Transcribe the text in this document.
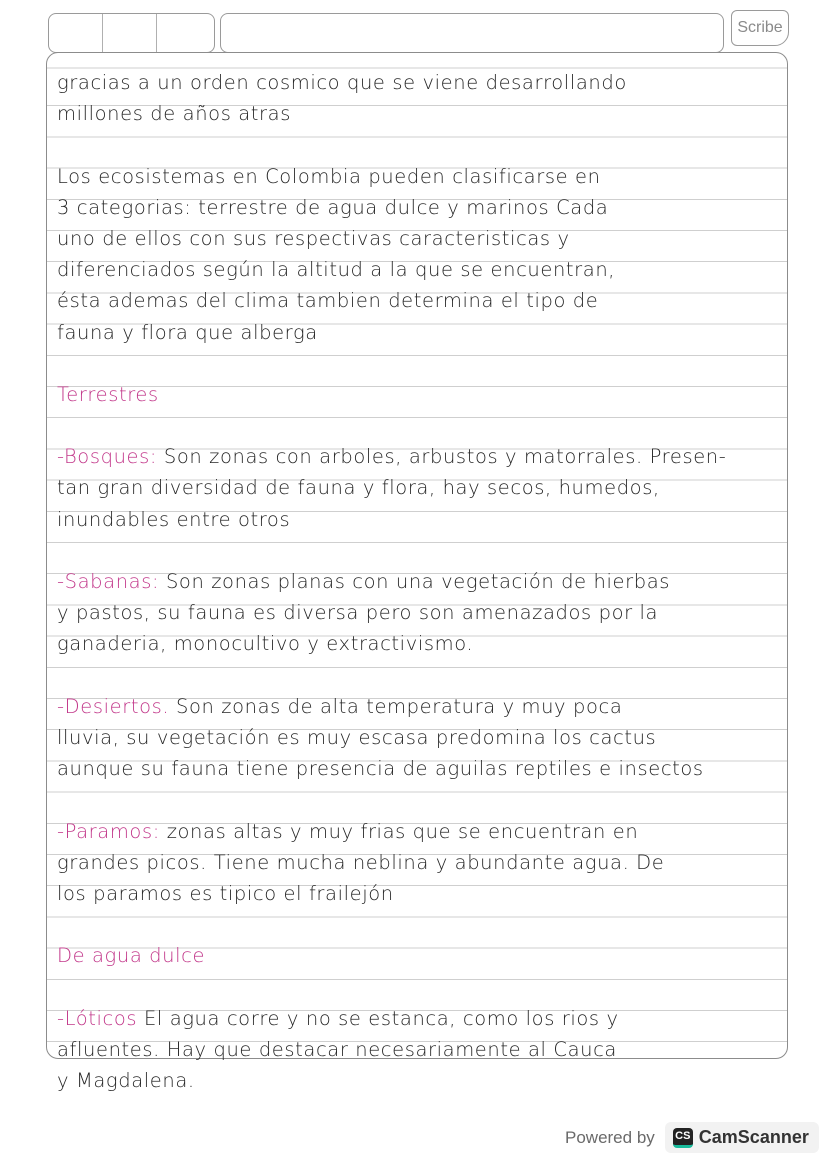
Scribe
gracias a un orden cosmico que se viene desarrollando
millones de años atras
Los ecosistemas en Colombia pueden clasificarse en
3 categorias: terrestre de agua dulce y marinos Cada
uno de ellos con sus respectivas caracteristicas y
diferenciados según la altitud a la que se encuentran,
ésta ademas del clima tambien determina el tipo de
fauna y flora que alberga
Terrestres
-Bosques: Son zonas con arboles, arbustos y matorrales. Presen-
tan gran diversidad de fauna y flora, hay secos, humedos,
inundables entre otros
-Sabanas: Son zonas planas con una vegetación de hierbas
y pastos, su fauna es diversa pero son amenazados por la
ganaderia, monocultivo y extractivismo.
-Desiertos. Son zonas de alta temperatura y muy poca
lluvia, su vegetación es muy escasa predomina los cactus
aunque su fauna tiene presencia de aguilas reptiles e insectos
-Paramos: zonas altas y muy frias que se encuentran en
grandes picos. Tiene mucha neblina y abundante agua. De
los paramos es tipico el frailejón
De agua dulce
-Lóticos El agua corre y no se estanca, como los rios y
afluentes. Hay que destacar necesariamente al Cauca
y Magdalena.
Powered by CS CamScanner
